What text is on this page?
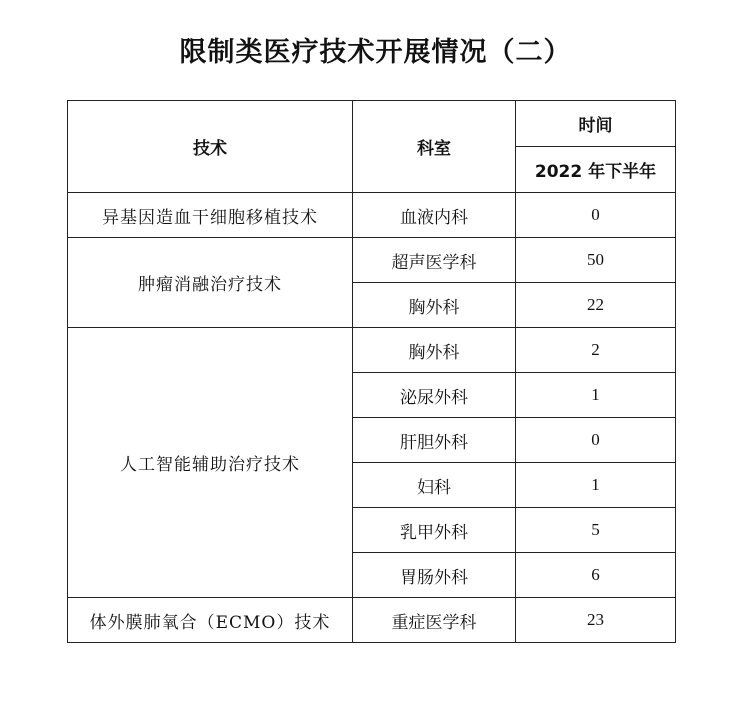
限制类医疗技术开展情况（二）
技术	科室	时间
		2022 年下半年
异基因造血干细胞移植技术	血液内科	0
肿瘤消融治疗技术	超声医学科	50
	胸外科	22
人工智能辅助治疗技术	胸外科	2
	泌尿外科	1
	肝胆外科	0
	妇科	1
	乳甲外科	5
	胃肠外科	6
体外膜肺氧合（ECMO）技术	重症医学科	23
